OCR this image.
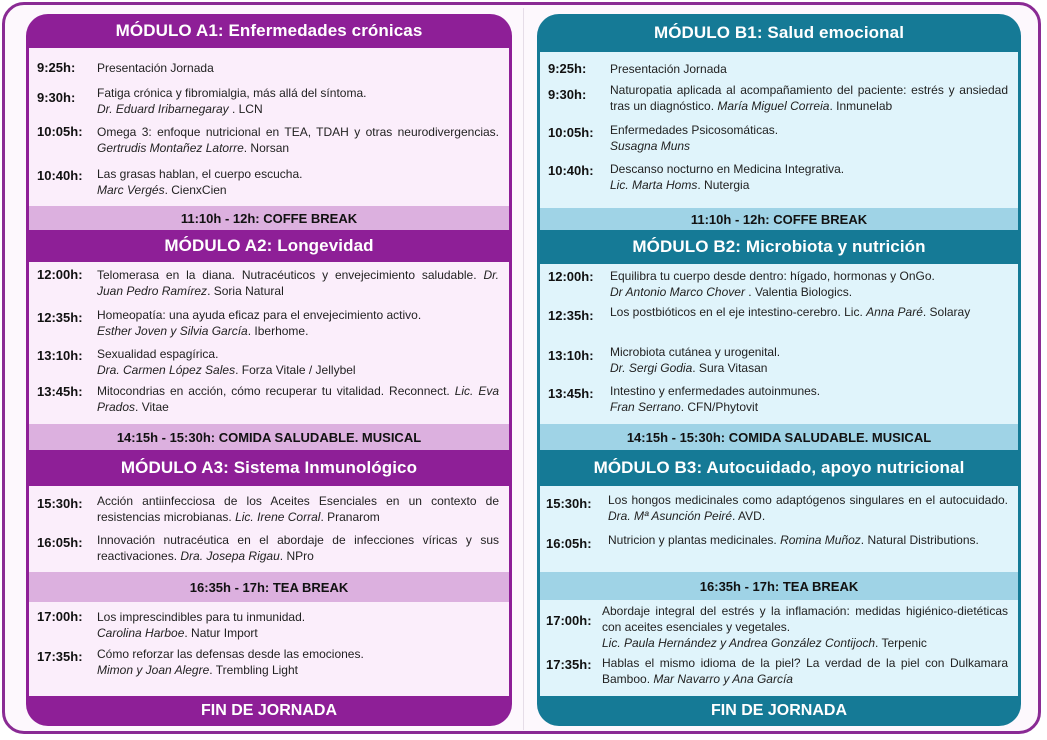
MÓDULO A1: Enfermedades crónicas
9:25h:	Presentación Jornada
9:30h:	Fatiga crónica y fibromialgia, más allá del síntoma.
Dr. Eduard Iribarnegaray . LCN
10:05h:	Omega 3: enfoque nutricional en TEA, TDAH y otras neurodivergencias. Gertrudis Montañez Latorre. Norsan
10:40h:	Las grasas hablan, el cuerpo escucha.
Marc Vergés. CienxCien
11:10h - 12h: COFFE BREAK
MÓDULO A2: Longevidad
12:00h:	Telomerasa en la diana. Nutracéuticos y envejecimiento saludable. Dr. Juan Pedro Ramírez. Soria Natural
12:35h:	Homeopatía: una ayuda eficaz para el envejecimiento activo.
Esther Joven y Silvia García. Iberhome.
13:10h:	Sexualidad espagírica.
Dra. Carmen López Sales. Forza Vitale / Jellybel
13:45h:	Mitocondrias en acción, cómo recuperar tu vitalidad. Reconnect. Lic. Eva Prados. Vitae
14:15h - 15:30h: COMIDA SALUDABLE. MUSICAL
MÓDULO A3: Sistema Inmunológico
15:30h:	Acción antiinfecciosa de los Aceites Esenciales en un contexto de resistencias microbianas. Lic. Irene Corral. Pranarom
16:05h:	Innovación nutracéutica en el abordaje de infecciones víricas y sus reactivaciones. Dra. Josepa Rigau. NPro
16:35h - 17h: TEA BREAK
17:00h:	Los imprescindibles para tu inmunidad.
Carolina Harboe. Natur Import
17:35h:	Cómo reforzar las defensas desde las emociones.
Mimon y Joan Alegre. Trembling Light
FIN DE JORNADA
MÓDULO B1: Salud emocional
9:25h:	Presentación Jornada
9:30h:	Naturopatia aplicada al acompañamiento del paciente: estrés y ansiedad tras un diagnóstico. María Miguel Correia. Inmunelab
10:05h:	Enfermedades Psicosomáticas.
Susagna Muns
10:40h:	Descanso nocturno en Medicina Integrativa.
Lic. Marta Homs. Nutergia
11:10h - 12h: COFFE BREAK
MÓDULO B2: Microbiota y nutrición
12:00h:	Equilibra tu cuerpo desde dentro: hígado, hormonas y OnGo.
Dr Antonio Marco Chover . Valentia Biologics.
12:35h:	Los postbióticos en el eje intestino-cerebro. Lic. Anna Paré. Solaray
13:10h:	Microbiota cutánea y urogenital.
Dr. Sergi Godia. Sura Vitasan
13:45h:	Intestino y enfermedades autoinmunes.
Fran Serrano. CFN/Phytovit
14:15h - 15:30h: COMIDA SALUDABLE. MUSICAL
MÓDULO B3: Autocuidado, apoyo nutricional
15:30h:	Los hongos medicinales como adaptógenos singulares en el autocuidado. Dra. Mª Asunción Peiré. AVD.
16:05h:	Nutricion y plantas medicinales. Romina Muñoz. Natural Distributions.
16:35h - 17h: TEA BREAK
17:00h:
Abordaje integral del estrés y la inflamación: medidas higiénico-dietéticas con aceites esenciales y vegetales.
Lic. Paula Hernández y Andrea González Contijoch. Terpenic
17:35h: Hablas el mismo idioma de la piel? La verdad de la piel con Dulkamara Bamboo. Mar Navarro y Ana García
FIN DE JORNADA
